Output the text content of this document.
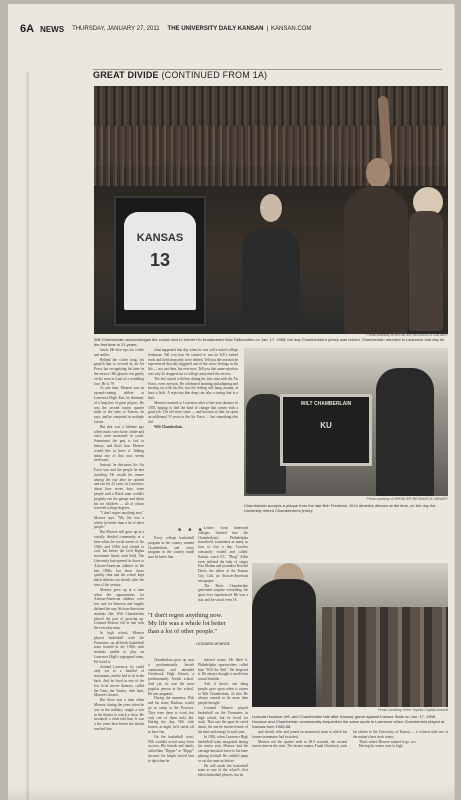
6A NEWS THURSDAY, JANUARY 27, 2011 THE UNIVERSITY DAILY KANSAN | KANSAN.COM
GREAT DIVIDE (CONTINUED FROM 1A)
KANSAS
13
Wilt Chamberlain acknowledges the crowd next to former KU broadcaster Max Falkenstien on Jan. 17, 1998, the day Chamberlain's jersey was retired. Chamberlain returned to Lawrence that day for the first time in 21 years.
Photo courtesy of SPENCER RESEARCH LIBRARY
WILT CHAMBERLAIN
KU
Photo courtesy of SPENCER RESEARCH LIBRARY
Chamberlain accepts a plaque from the late Bob Frederick, KU's athletics director at the time, on the day the University retired Chamberlain's jersey.
Photo courtesy of the Topeka Capital-Journal
Lucinda Houston, left, and Chamberlain talk after Kansas' game against Kansas State on Jan. 17, 1998. Houston and Chamberlain occasionally frequented the same spots in Lawrence when Chamberlain played at Kansas from 1955-58.

lunch. He then sips his coffee and smiles.

Behind the coffee mug, his grayish hair is covered by an Air Force hat recognizing his time in the service. His glasses rest gently on his nose in front of a wrinkling face. He is 79.

At one time, Monroe was an up-and-coming athlete at Lawrence High. Part, he dreamed, of a long line of great players. He was the second fastest quarter miler in the state of Kansas, he says, and he competed in multiple events.

But that was a lifetime ago when tracks were loose cinder and races were measured in yards. Sometimes the past is lost to history, and that's how Monroe would like to leave it. Talking about any of that now seems irrelevant.

Instead, he discusses his Air Force tour and the people he met traveling. He recalls his tenure among the city after he opened and ran his 23 years in Lawrence; about how seven days some people said a Black man couldn't properly run the garage and about his six children — all of whom received college degrees.

"I don't regret anything now," Monroe says. "My life was a whole lot better than a lot of other people."

But Monroe still grew up in a racially divided community at a time when the social unrest of the 1920s and 1930s had started to cool, but before the Civil Rights movement firmly took hold. The University had opened its doors to African-American athletes in the late 1800s, but those doors quickly shut and the school kept black athletes out shortly after the turn of the century.

Monroe grew up at a time when the opportunities for African-American athletes were few and far between and largely defined the way African-American students like Wilt Chamberlain played the part of growing up. Leonard Monroe fell in line with the everyday man.

In high school, Monroe played basketball with the Promoters, an all-black basketball team formed in the 1930s with students unable to play on Lawrence High's segregated team. He loved it.

Around Lawrence, he could only eat at a handful of restaurants, and he had to sit in the back. And he lived in one of the few local movie theaters, called the Gem; the Varsity; then later, Monroe's theater.

But there was a time when Monroe, during the years when he was in the military, sought a seat in the theater to watch a show. He hesitated; a clerk told him. It was a few years later before the details reached him.

what happened that day when he was still a tested college freshman. Tell you how he wanted to run for KU's famed track and field team only to be denied. Tell you the reaction he experienced that day triggered one of the worst feelings in his life — not just then, but ever now. Tell you that same rejection was why he dropped out of college and joined the service.

The feel stayed with him during his first stint with the Air Force, even overseas. He celebrated learning and adapting and moving on with his life, but the feeling still hung around, at least a little. A rejection that deep can take a toning that is a hurt.

Monroe returned to Lawrence after a four-year absence in 1955, hoping to find the kind of change that comes with a good job. The old store came — and because of that, he spent an additional 19 years in the Air Force — but something else did.

Wilt Chamberlain.

■ ■ ■

Every college basketball program in the country wanted Chamberlain, and every program in the country made sure he knew that.

Letters from interested colleges flooded into the Chamberlain's Philadelphia household, sometimes as many as four or five a day. Coaches constantly visited and called. Kansas coach F.C. "Phog" Allen even enlisted the help of singer Etta Motten and journalist Dowdal Davis, the editor of the Kansas City Call, an African-American newspaper.

The Basic Chamberlain generated surprise everything the sport ever experienced. He was a star, and he wasn't even 18.

"I don't regret anything now. My life was a whole lot better than a lot of other people."
LEONARD MONROE

Chamberlain grew up near a predominantly Jewish community and attended Overbrook High School, a predominantly Jewish school. And yet, he was the most popular person in the school. He was magnetic.

During the summers, Wilt and his sister, Barbara, would go to camp in the Poconos. They were there to work, but only one of them truly did. During the day, Wilt rode horses; at night, he'd sneak off to have fun.

On the basketball court, Wilt couldn't avoid away from success. His friends and family called him "Dipper" or "Dippy" because his height forced him to dip when he

entered rooms. He liked it. Philadelphia sportswriters called him "Wilt the Stilt." He despised it. He always thought it made him sound freakish.

And if there's one thing people gave upon when it comes to Wilt Chamberlain, it's this: He always wanted to be more than people thought.

Leonard Monroe played basketball on the Promoters in high school, but he loved for track. That was the sport he cared about, the one he invested more of his time and energy in each year.

In 1950, when Lawrence High basketball team integrated during his senior year, Monroe had the carriage knocked loose to his knee playing football. He couldn't jump or cut the same as before.

He still made the basketball team as one of the school's first black basketball players, but he

quit shortly after and joined an intramural team to which his former teammates had switched.

Monroe ran the quarter mile in 48.9 seconds, the second fastest time in the state. The fastest runner, Frank Chadwick, took his talents to the University of Kansas — it echoed with one of the nation's best track teams.

That's where Monroe wanted to go, too.

Having his senior year in high
